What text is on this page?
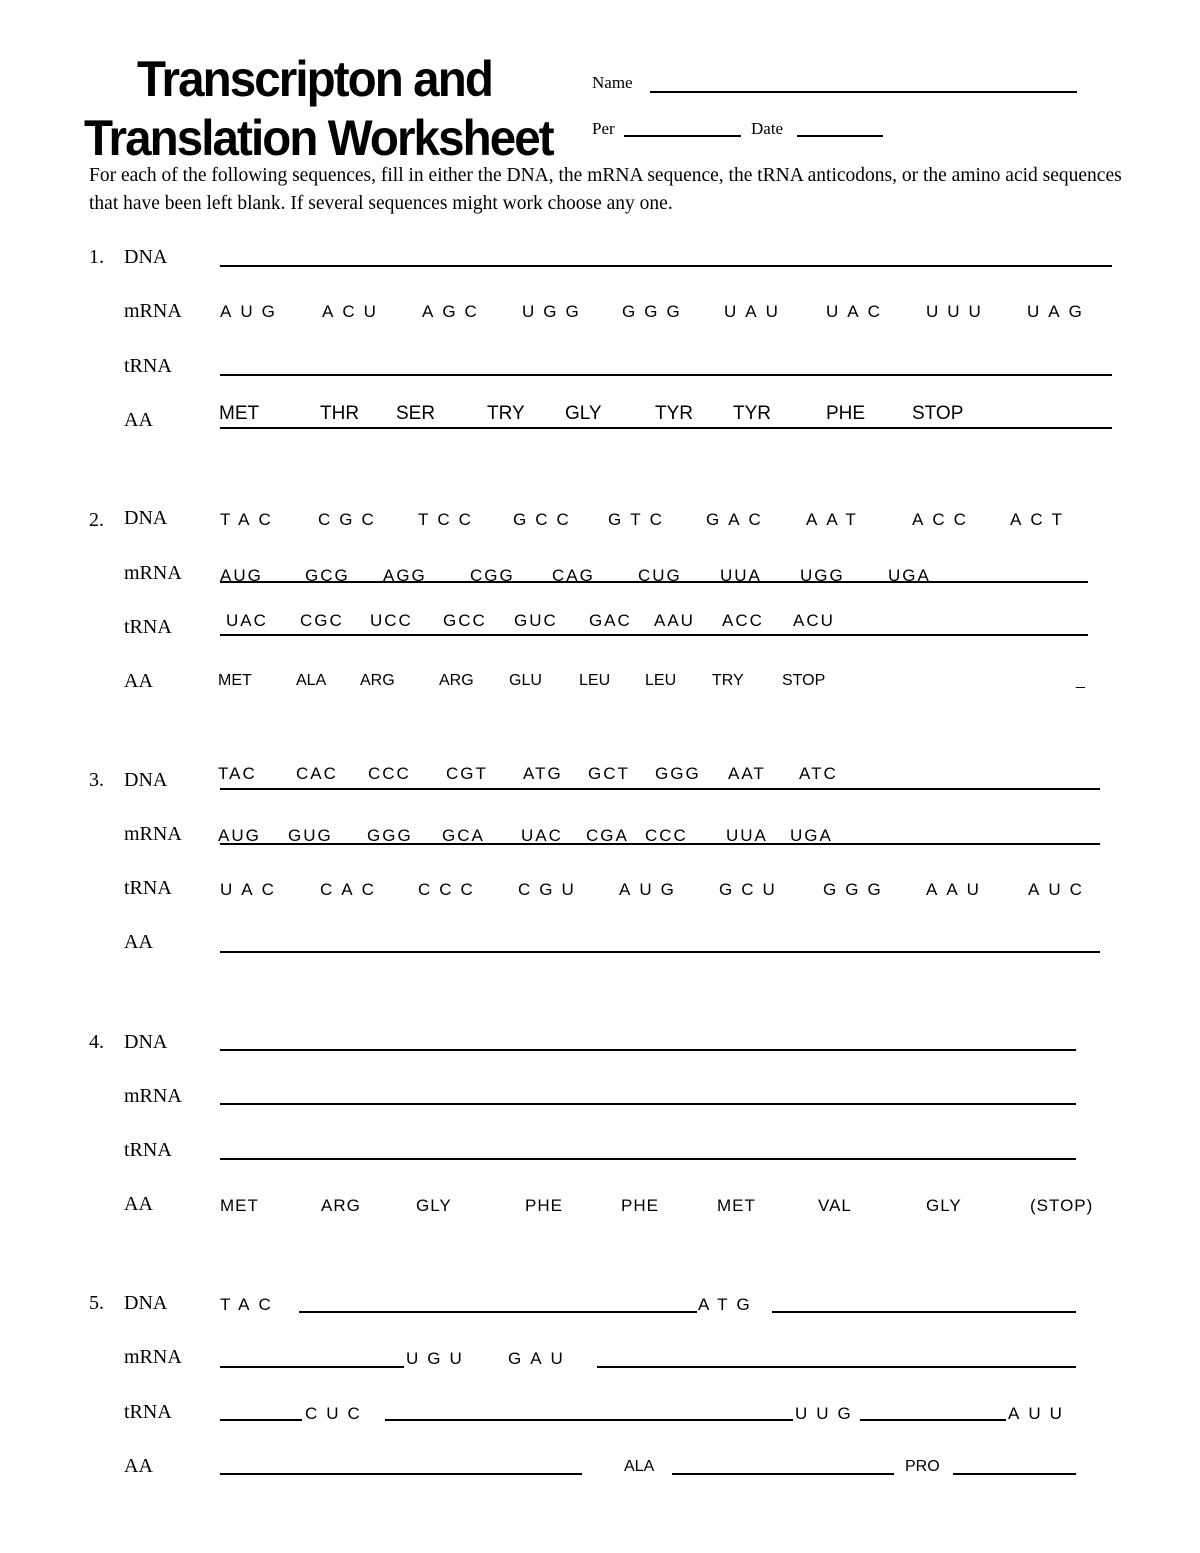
Transcripton and
Translation Worksheet
Name
Per	Date
For each of the following sequences, fill in either the DNA, the mRNA sequence, the tRNA anticodons, or the amino acid sequences that have been left blank. If several sequences might work choose any one.
1. DNA
mRNA AUG ACU AGC UGG GGG UAU UAC UUU UAG
tRNA
AA	MET	THR SER	TRY GLY	TYR TYR	PHE STOP
2. DNA	TAC CGC TCC GCC GTC GAC AAT	ACC ACT
mRNA AUG GCG AGG	CGG CAG	CUG UUA UGG	UGA
tRNA	UAC CGC UCC GCC GUC GAC AAU ACC ACU
AA	MET	ALA ARG	ARG GLU LEU LEU TRY STOP	_
3. DNA	TAC CAC CCC CGT ATG GCT GGG AAT ATC
mRNA AUG GUG GGG GCA UAC CGA CCC UUA UGA
tRNA	UAC CAC CCC CGU AUG GCU GGG AAU AUC
AA
4. DNA
mRNA
tRNA
AA	MET	ARG	GLY	PHE	PHE	MET	VAL	GLY	(STOP)
5. DNA	TAC	ATG
mRNA	UGU GAU
tRNA	CUC	UUG	AUU
AA	ALA	PRO
